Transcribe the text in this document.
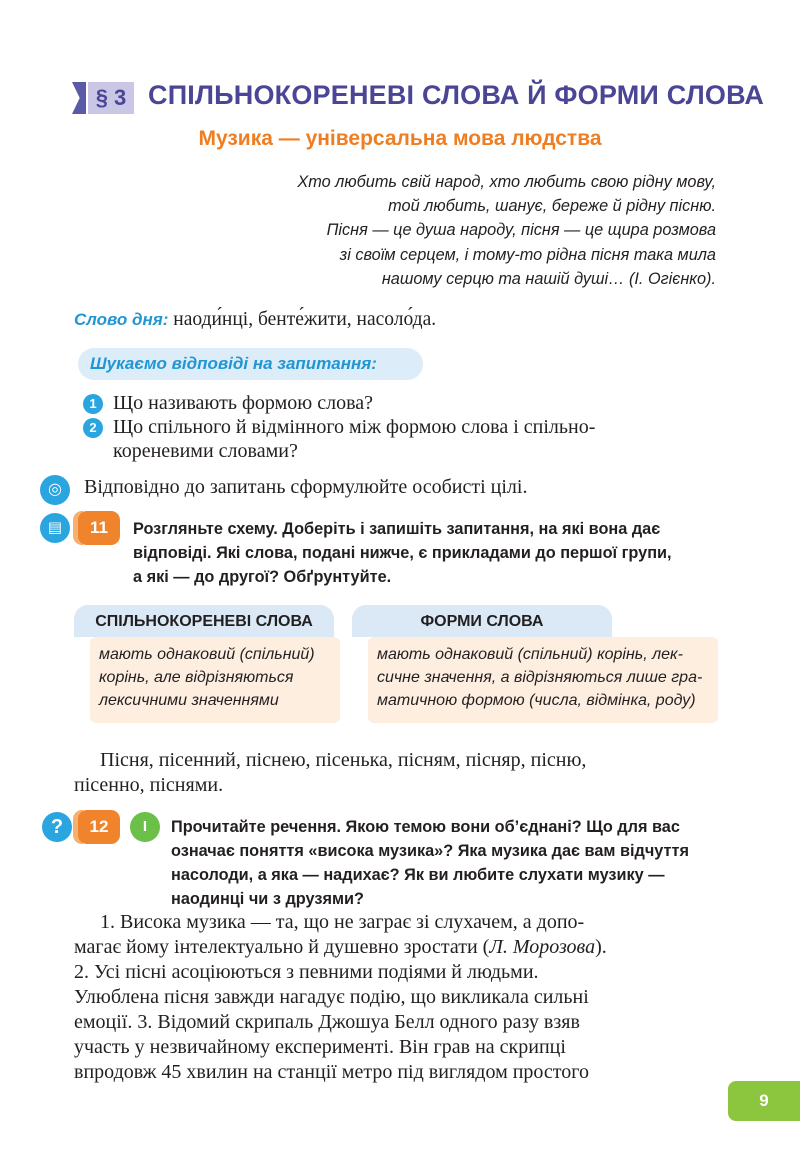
§ 3 СПІЛЬНОКОРЕНЕВІ СЛОВА Й ФОРМИ СЛОВА
Музика — універсальна мова людства
Хто любить свій народ, хто любить свою рідну мову,
той любить, шанує, береже й рідну пісню.
Пісня — це душа народу, пісня — це щира розмова
зі своїм серцем, і тому-то рідна пісня така мила
нашому серцю та нашій душі… (І. Огієнко).
Слово дня: наоди́нці, бенте́жити, насоло́да.
Шукаємо відповіді на запитання:
1 Що називають формою слова?
2 Що спільного й відмінного між формою слова і спільно-
кореневими словами?
◎	Відповідно до запитань сформулюйте особисті цілі.
▤	11	Розгляньте схему. Доберіть і запишіть запитання, на які вона дає
відповіді. Які слова, подані нижче, є прикладами до першої групи,
а які — до другої? Обґрунтуйте.
СПІЛЬНОКОРЕНЕВІ СЛОВА
мають однаковий (спільний)
корінь, але відрізняються
лексичними значеннями
ФОРМИ СЛОВА
мають однаковий (спільний) корінь, лек-
сичне значення, а відрізняються лише гра-
матичною формою (числа, відмінка, роду)
Пісня, пісенний, піснею, пісенька, пісням, пісняр, пісню,
пісенно, піснями.
?	12	І	Прочитайте речення. Якою темою вони об’єднані? Що для вас
означає поняття «висока музика»? Яка музика дає вам відчуття
насолоди, а яка — надихає? Як ви любите слухати музику —
наодинці чи з друзями?
1. Висока музика — та, що не заграє зі слухачем, а допо-
магає йому інтелектуально й душевно зростати (Л. Морозова).
2. Усі пісні асоціюються з певними подіями й людьми.
Улюблена пісня завжди нагадує подію, що викликала сильні
емоції. 3. Відомий скрипаль Джошуа Белл одного разу взяв
участь у незвичайному експерименті. Він грав на скрипці
впродовж 45 хвилин на станції метро під виглядом простого
9
